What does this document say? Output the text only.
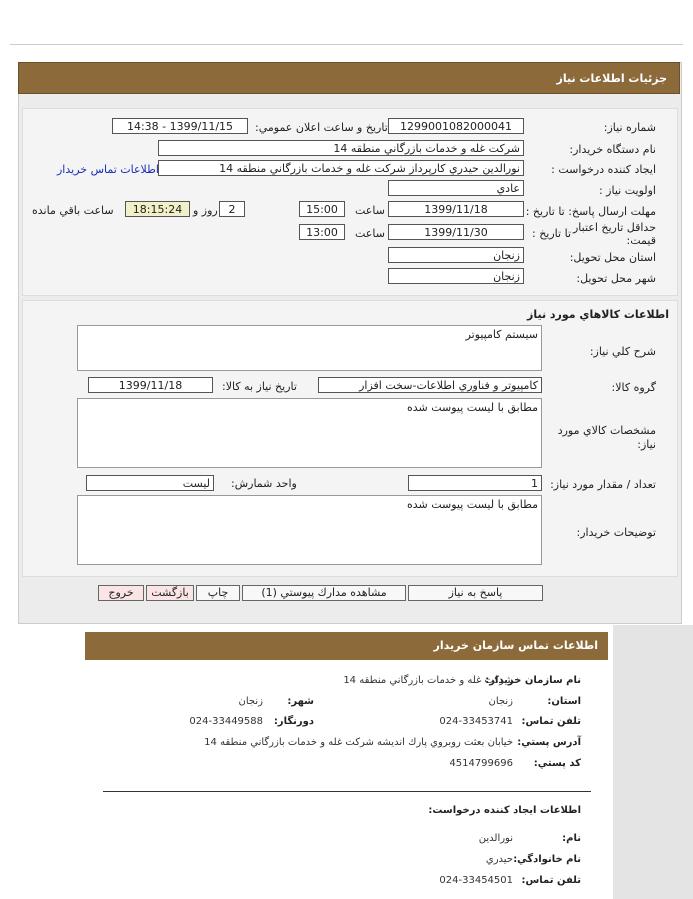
جزئيات اطلاعات نياز
شماره نياز:
1299001082000041
تاريخ و ساعت اعلان عمومي:
1399/11/15 - 14:38
نام دستگاه خريدار:
شركت غله و خدمات بازرگاني منطقه 14
ايجاد كننده درخواست :
نورالدين حيدري كارپرداز شركت غله و خدمات بازرگاني منطقه 14
اطلاعات تماس خريدار
اولويت نياز :
عادي
مهلت ارسال پاسخ: تا تاريخ :
1399/11/18
ساعت
15:00
2
روز و
18:15:24
ساعت باقي مانده
حداقل تاريخ اعتبار قيمت:
تا تاريخ :
1399/11/30
ساعت
13:00
استان محل تحويل:
زنجان
شهر محل تحويل:
زنجان
اطلاعات كالاهاي مورد نياز
شرح كلي نياز:
سيستم كامپيوتر
گروه كالا:
كامپيوتر و فناوري اطلاعات-سخت افزار
تاريخ نياز به كالا:
1399/11/18
مشخصات كالاي مورد نياز:
مطابق با ليست پيوست شده
تعداد / مقدار مورد نياز:
1
واحد شمارش:
ليست
توضيحات خريدار:
مطابق با ليست پيوست شده
پاسخ به نياز
مشاهده مدارك پيوستي (1)
چاپ
بازگشت
خروج
اطلاعات تماس سازمان خريدار
نام سازمان خريدار:
شركت غله و خدمات بازرگاني منطقه 14
استان:
زنجان
شهر:
زنجان
تلفن تماس:
024-33453741
دورنگار:
024-33449588
آدرس پستي:
خيابان بعثت روبروي پارك انديشه شركت غله و خدمات بازرگاني منطقه 14
كد پستي:
4514799696
اطلاعات ايجاد كننده درخواست:
نام:
نورالدين
نام خانوادگي:
حيدري
تلفن تماس:
024-33454501
